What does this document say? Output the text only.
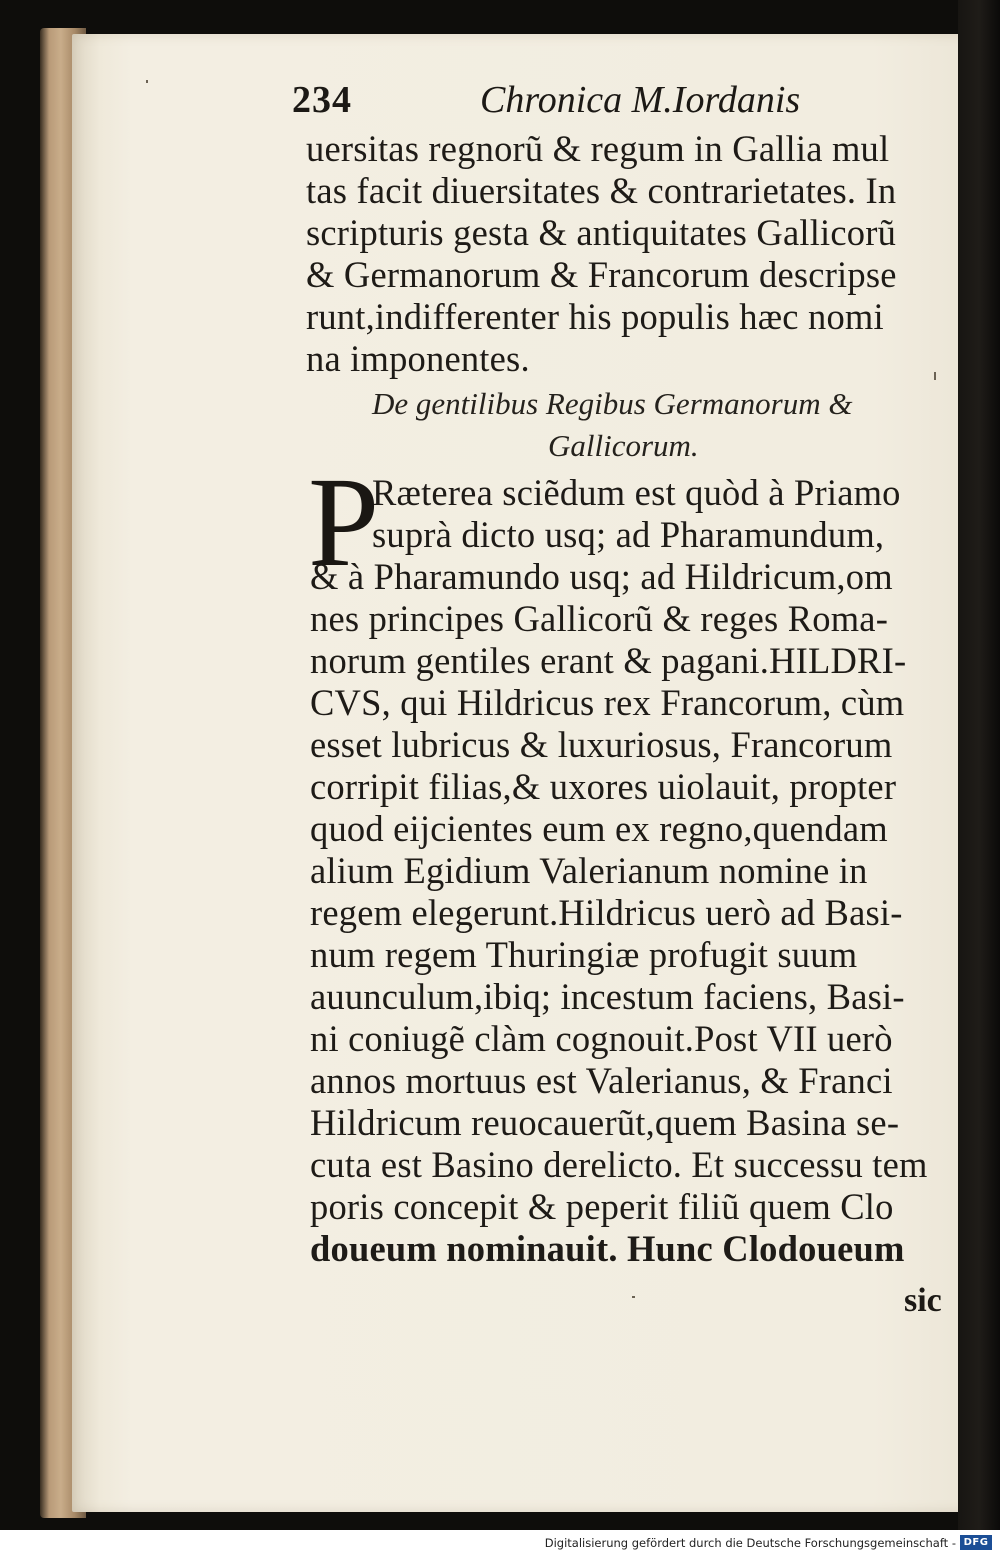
234	Chronica M.Iordanis
uersitas regnorũ & regum in Gallia mul
tas facit diuersitates & contrarietates. In
scripturis gesta & antiquitates Gallicorũ
& Germanorum & Francorum descripse
runt,indifferenter his populis hæc nomi
na imponentes.
De gentilibus Regibus Germanorum &
Gallicorum.
P
Ræterea sciẽdum est quòd à Priamo
suprà dicto usq; ad Pharamundum,
& à Pharamundo usq; ad Hildricum,om
nes principes Gallicorũ & reges Roma-
norum gentiles erant & pagani.HILDRI-
CVS, qui Hildricus rex Francorum, cùm
esset lubricus & luxuriosus, Francorum
corripit filias,& uxores uiolauit, propter
quod eijcientes eum ex regno,quendam
alium Egidium Valerianum nomine in
regem elegerunt.Hildricus uerò ad Basi-
num regem Thuringiæ profugit suum
auunculum,ibiq; incestum faciens, Basi-
ni coniugẽ clàm cognouit.Post VII uerò
annos mortuus est Valerianus, & Franci
Hildricum reuocauerũt,quem Basina se-
cuta est Basino derelicto. Et successu tem
poris concepit & peperit filiũ quem Clo
doueum nominauit. Hunc Clodoueum
sic
Digitalisierung gefördert durch die Deutsche Forschungsgemeinschaft - DFG
